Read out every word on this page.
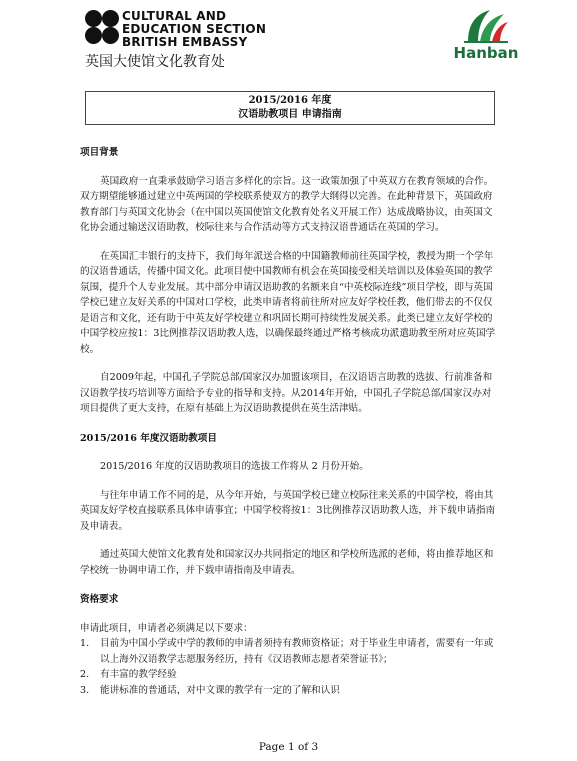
CULTURAL AND
EDUCATION SECTION
BRITISH EMBASSY
英国大使馆文化教育处	Hanban
2015/2016 年度
汉语助教项目 申请指南

项目背景

英国政府一直秉承鼓励学习语言多样化的宗旨。这一政策加强了中英双方在教育领域的合作。双方期望能够通过建立中英两国的学校联系使双方的教学大纲得以完善。在此种背景下，英国政府教育部门与英国文化协会（在中国以英国使馆文化教育处名义开展工作）达成战略协议，由英国文化协会通过输送汉语助教，校际往来与合作活动等方式支持汉语普通话在英国的学习。

在英国汇丰银行的支持下，我们每年派送合格的中国籍教师前往英国学校，教授为期一个学年的汉语普通话，传播中国文化。此项目使中国教师有机会在英国接受相关培训以及体验英国的教学氛围，提升个人专业发展。其中部分申请汉语助教的名额来自“中英校际连线”项目学校，即与英国学校已建立友好关系的中国对口学校，此类申请者将前往所对应友好学校任教，他们带去的不仅仅是语言和文化，还有助于中英友好学校建立和巩固长期可持续性发展关系。此类已建立友好学校的中国学校应按1：3比例推荐汉语助教人选，以确保最终通过严格考核成功派遣助教至所对应英国学校。

自2009年起，中国孔子学院总部/国家汉办加盟该项目，在汉语语言助教的选拔、行前准备和汉语教学技巧培训等方面给予专业的指导和支持。从2014年开始，中国孔子学院总部/国家汉办对项目提供了更大支持，在原有基础上为汉语助教提供在英生活津贴。

2015/2016 年度汉语助教项目

2015/2016 年度的汉语助教项目的选拔工作将从 2 月份开始。

与往年申请工作不同的是，从今年开始，与英国学校已建立校际往来关系的中国学校，将由其英国友好学校直接联系具体申请事宜；中国学校将按1：3比例推荐汉语助教人选，并下载申请指南及申请表。

通过英国大使馆文化教育处和国家汉办共同指定的地区和学校所选派的老师，将由推荐地区和学校统一协调申请工作，并下载申请指南及申请表。

资格要求

申请此项目，申请者必须满足以下要求：

1. 目前为中国小学或中学的教师的申请者须持有教师资格证；对于毕业生申请者，需要有一年或以上海外汉语教学志愿服务经历，持有《汉语教师志愿者荣誉证书》；
2. 有丰富的教学经验
3. 能讲标准的普通话，对中文课的教学有一定的了解和认识
Page 1 of 3
